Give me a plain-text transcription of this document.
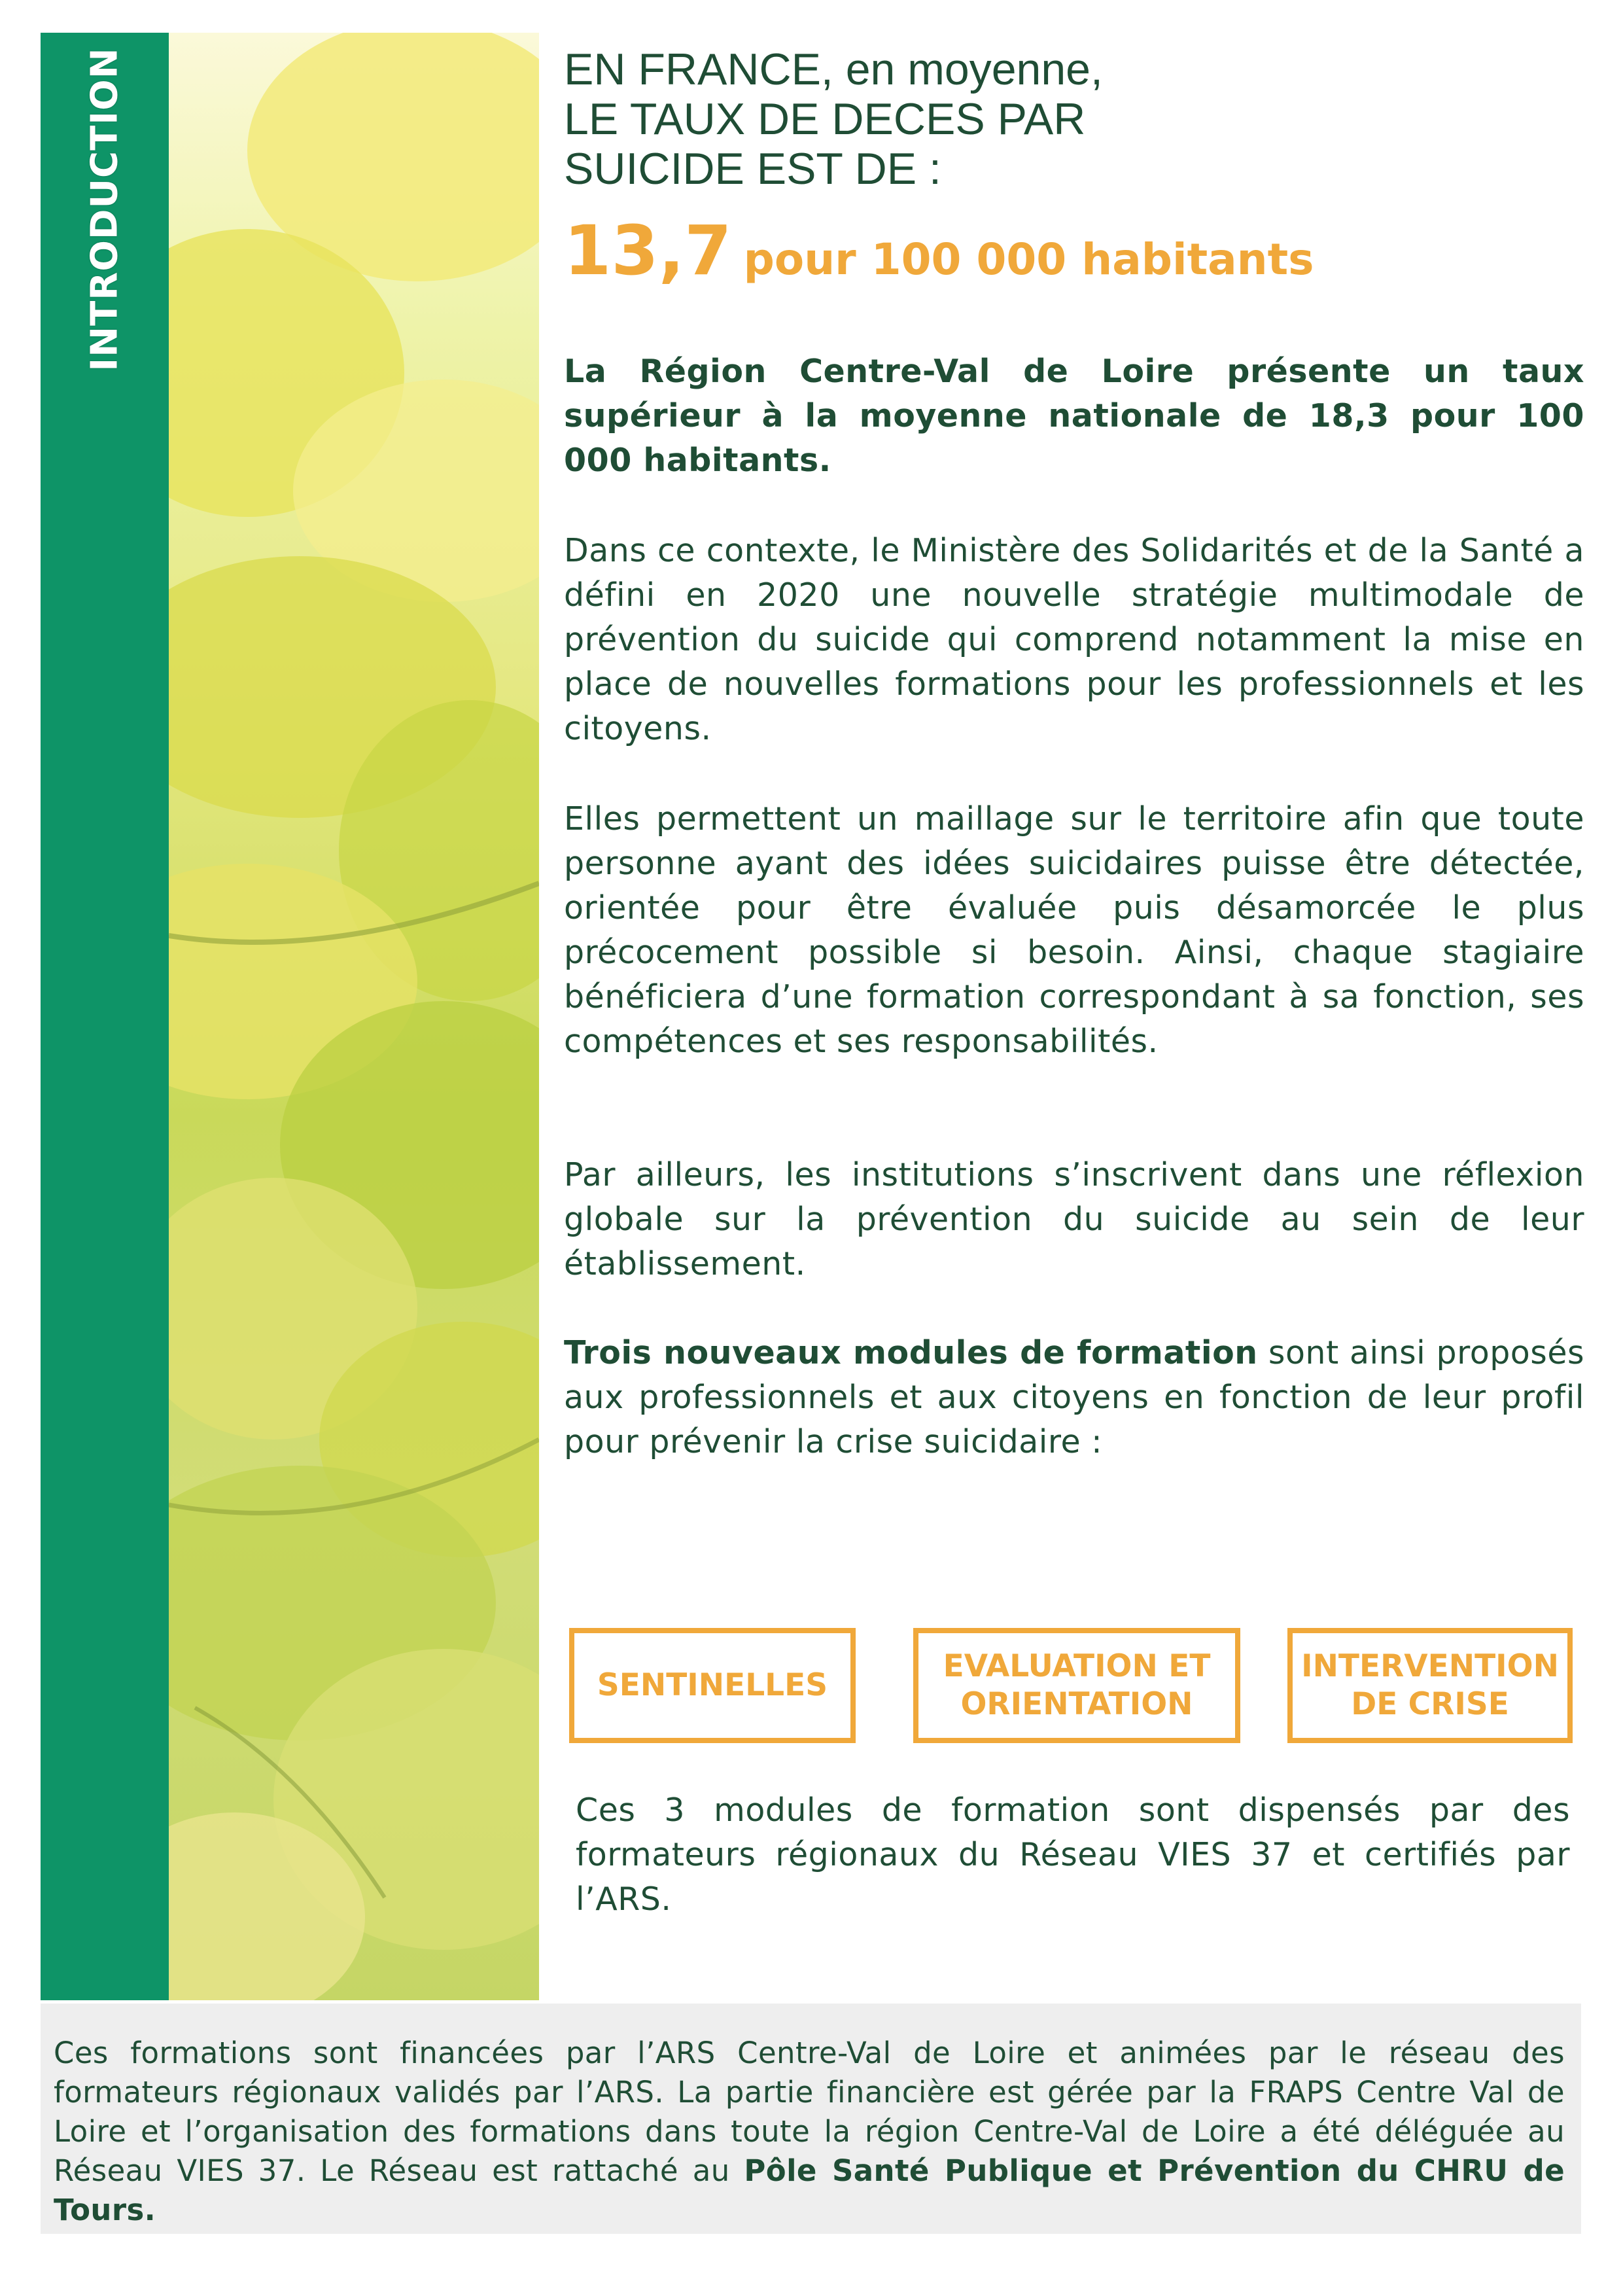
INTRODUCTION	EN FRANCE, en moyenne,
LE TAUX DE DECES PAR
SUICIDE EST DE :
13,7 pour 100 000 habitants
La Région Centre-Val de Loire présente un taux supérieur à la moyenne nationale de 18,3 pour 100 000 habitants.
Dans ce contexte, le Ministère des Solidarités et de la Santé a défini en 2020 une nouvelle stratégie multimodale de prévention du suicide qui comprend notamment la mise en place de nouvelles formations pour les professionnels et les citoyens.
Elles permettent un maillage sur le territoire afin que toute personne ayant des idées suicidaires puisse être détectée, orientée pour être évaluée puis désamorcée le plus précocement possible si besoin. Ainsi, chaque stagiaire bénéficiera d’une formation correspondant à sa fonction, ses compétences et ses responsabilités.
Par ailleurs, les institutions s’inscrivent dans une réflexion globale sur la prévention du suicide au sein de leur établissement.
Trois nouveaux modules de formation sont ainsi proposés aux professionnels et aux citoyens en fonction de leur profil pour prévenir la crise suicidaire :
SENTINELLES
EVALUATION ET
ORIENTATION
INTERVENTION
DE CRISE
Ces 3 modules de formation sont dispensés par des formateurs régionaux du Réseau VIES 37 et certifiés par l’ARS.
Ces formations sont financées par l’ARS Centre-Val de Loire et animées par le réseau des formateurs régionaux validés par l’ARS. La partie financière est gérée par la FRAPS Centre Val de Loire et l’organisation des formations dans toute la région Centre-Val de Loire a été déléguée au Réseau VIES 37. Le Réseau est rattaché au Pôle Santé Publique et Prévention du CHRU de Tours.
